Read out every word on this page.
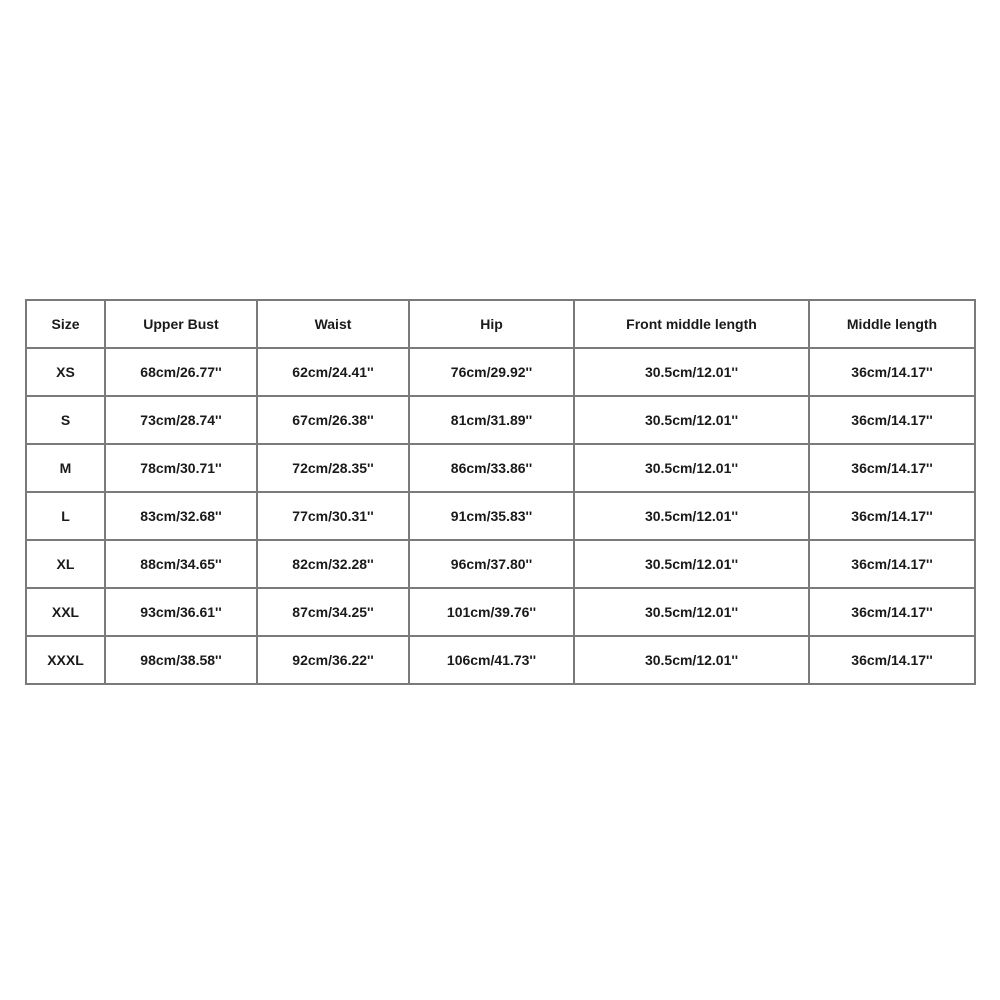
Size	Upper Bust	Waist	Hip	Front middle length	Middle length
XS	68cm/26.77''	62cm/24.41''	76cm/29.92''	30.5cm/12.01''	36cm/14.17''
S	73cm/28.74''	67cm/26.38''	81cm/31.89''	30.5cm/12.01''	36cm/14.17''
M	78cm/30.71''	72cm/28.35''	86cm/33.86''	30.5cm/12.01''	36cm/14.17''
L	83cm/32.68''	77cm/30.31''	91cm/35.83''	30.5cm/12.01''	36cm/14.17''
XL	88cm/34.65''	82cm/32.28''	96cm/37.80''	30.5cm/12.01''	36cm/14.17''
XXL	93cm/36.61''	87cm/34.25''	101cm/39.76''	30.5cm/12.01''	36cm/14.17''
XXXL	98cm/38.58''	92cm/36.22''	106cm/41.73''	30.5cm/12.01''	36cm/14.17''
